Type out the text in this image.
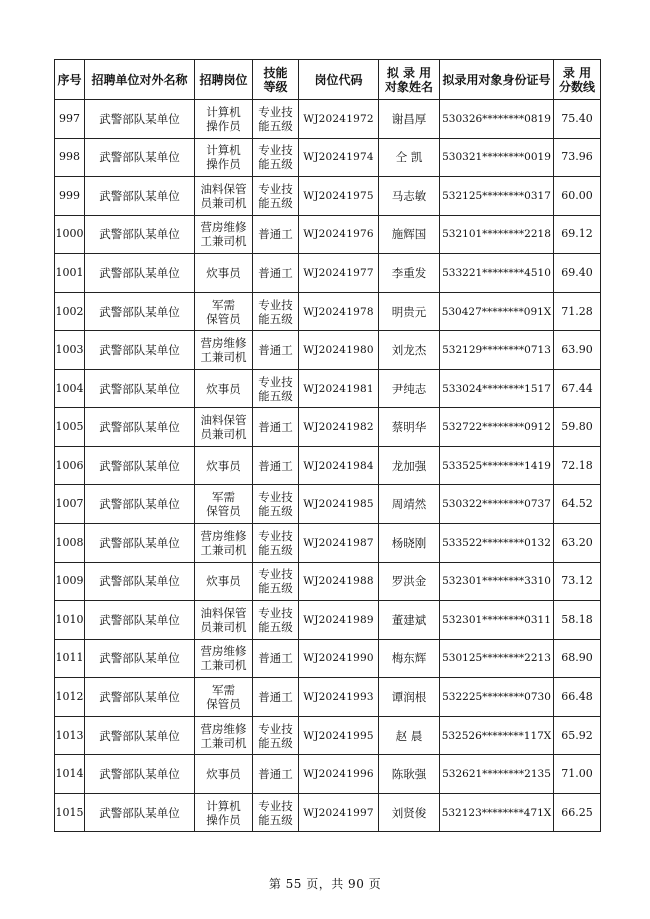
序号	招聘单位对外名称	招聘岗位	技能
等级	岗位代码	拟 录 用
对象姓名	拟录用对象身份证号	录 用
分数线
997	武警部队某单位	计算机
操作员	专业技
能五级	WJ20241972	谢昌厚	530326********0819	75.40
998	武警部队某单位	计算机
操作员	专业技
能五级	WJ20241974	仝 凯	530321********0019	73.96
999	武警部队某单位	油料保管
员兼司机	专业技
能五级	WJ20241975	马志敏	532125********0317	60.00
1000	武警部队某单位	营房维修
工兼司机	普通工	WJ20241976	施辉国	532101********2218	69.12
1001	武警部队某单位	炊事员	普通工	WJ20241977	李重发	533221********4510	69.40
1002	武警部队某单位	军需
保管员	专业技
能五级	WJ20241978	明贵元	530427********091X	71.28
1003	武警部队某单位	营房维修
工兼司机	普通工	WJ20241980	刘龙杰	532129********0713	63.90
1004	武警部队某单位	炊事员	专业技
能五级	WJ20241981	尹纯志	533024********1517	67.44
1005	武警部队某单位	油料保管
员兼司机	普通工	WJ20241982	蔡明华	532722********0912	59.80
1006	武警部队某单位	炊事员	普通工	WJ20241984	龙加强	533525********1419	72.18
1007	武警部队某单位	军需
保管员	专业技
能五级	WJ20241985	周靖然	530322********0737	64.52
1008	武警部队某单位	营房维修
工兼司机	专业技
能五级	WJ20241987	杨晓刚	533522********0132	63.20
1009	武警部队某单位	炊事员	专业技
能五级	WJ20241988	罗洪金	532301********3310	73.12
1010	武警部队某单位	油料保管
员兼司机	专业技
能五级	WJ20241989	董建斌	532301********0311	58.18
1011	武警部队某单位	营房维修
工兼司机	普通工	WJ20241990	梅东辉	530125********2213	68.90
1012	武警部队某单位	军需
保管员	普通工	WJ20241993	谭润根	532225********0730	66.48
1013	武警部队某单位	营房维修
工兼司机	专业技
能五级	WJ20241995	赵 晨	532526********117X	65.92
1014	武警部队某单位	炊事员	普通工	WJ20241996	陈耿强	532621********2135	71.00
1015	武警部队某单位	计算机
操作员	专业技
能五级	WJ20241997	刘贤俊	532123********471X	66.25
第 55 页，共 90 页
